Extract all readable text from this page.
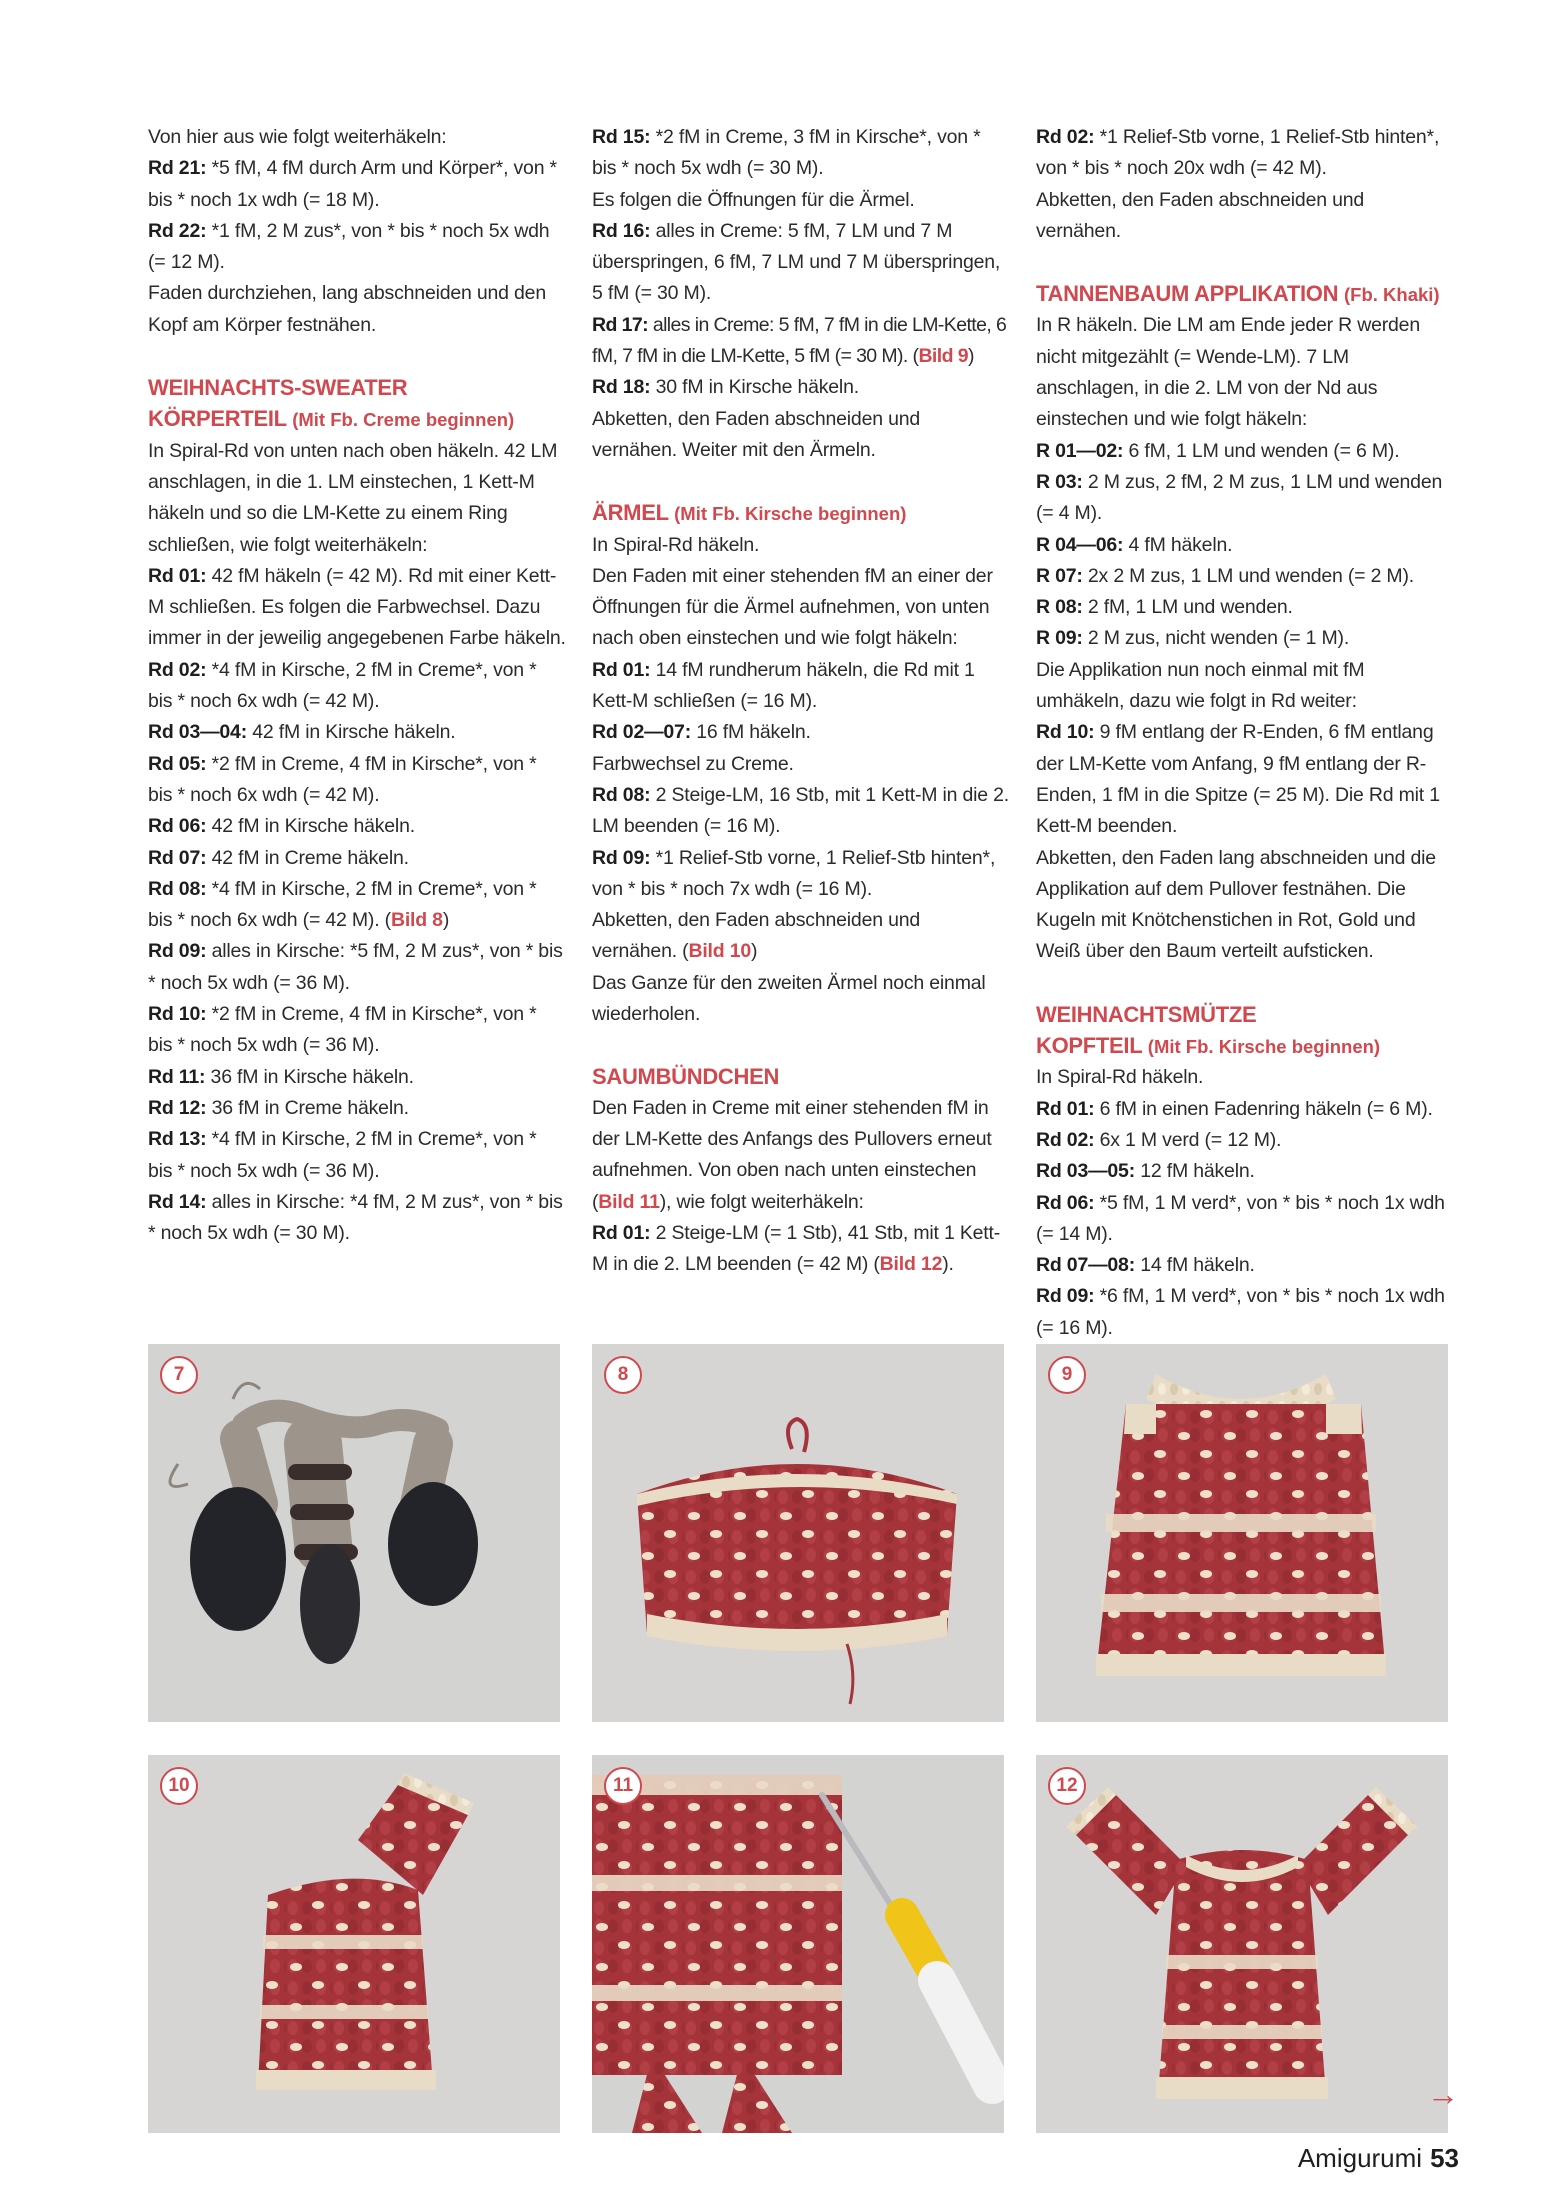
Von hier aus wie folgt weiterhäkeln:

Rd 21: *5 fM, 4 fM durch Arm und Körper*, von * bis * noch 1x wdh (= 18 M).

Rd 22: *1 fM, 2 M zus*, von * bis * noch 5x wdh (= 12 M).

Faden durchziehen, lang abschneiden und den Kopf am Körper festnähen.

WEIHNACHTS-SWEATER

KÖRPERTEIL (Mit Fb. Creme beginnen)

In Spiral-Rd von unten nach oben häkeln. 42 LM anschlagen, in die 1. LM einstechen, 1 Kett-M häkeln und so die LM-Kette zu einem Ring schließen, wie folgt weiterhäkeln:

Rd 01: 42 fM häkeln (= 42 M). Rd mit einer Kett-M schließen. Es folgen die Farbwechsel. Dazu immer in der jeweilig angegebenen Farbe häkeln.

Rd 02: *4 fM in Kirsche, 2 fM in Creme*, von * bis * noch 6x wdh (= 42 M).

Rd 03—04: 42 fM in Kirsche häkeln.

Rd 05: *2 fM in Creme, 4 fM in Kirsche*, von * bis * noch 6x wdh (= 42 M).

Rd 06: 42 fM in Kirsche häkeln.

Rd 07: 42 fM in Creme häkeln.

Rd 08: *4 fM in Kirsche, 2 fM in Creme*, von * bis * noch 6x wdh (= 42 M). (Bild 8)

Rd 09: alles in Kirsche: *5 fM, 2 M zus*, von * bis * noch 5x wdh (= 36 M).

Rd 10: *2 fM in Creme, 4 fM in Kirsche*, von * bis * noch 5x wdh (= 36 M).

Rd 11: 36 fM in Kirsche häkeln.

Rd 12: 36 fM in Creme häkeln.

Rd 13: *4 fM in Kirsche, 2 fM in Creme*, von * bis * noch 5x wdh (= 36 M).

Rd 14: alles in Kirsche: *4 fM, 2 M zus*, von * bis * noch 5x wdh (= 30 M).

Rd 15: *2 fM in Creme, 3 fM in Kirsche*, von * bis * noch 5x wdh (= 30 M).

Es folgen die Öffnungen für die Ärmel.

Rd 16: alles in Creme: 5 fM, 7 LM und 7 M überspringen, 6 fM, 7 LM und 7 M überspringen, 5 fM (= 30 M).

Rd 17: alles in Creme: 5 fM, 7 fM in die LM-Kette, 6 fM, 7 fM in die LM-Kette, 5 fM (= 30 M). (Bild 9)

Rd 18: 30 fM in Kirsche häkeln.

Abketten, den Faden abschneiden und vernähen. Weiter mit den Ärmeln.

ÄRMEL (Mit Fb. Kirsche beginnen)

In Spiral-Rd häkeln.

Den Faden mit einer stehenden fM an einer der Öffnungen für die Ärmel aufnehmen, von unten nach oben einstechen und wie folgt häkeln:

Rd 01: 14 fM rundherum häkeln, die Rd mit 1 Kett-M schließen (= 16 M).

Rd 02—07: 16 fM häkeln.

Farbwechsel zu Creme.

Rd 08: 2 Steige-LM, 16 Stb, mit 1 Kett-M in die 2. LM beenden (= 16 M).

Rd 09: *1 Relief-Stb vorne, 1 Relief-Stb hinten*, von * bis * noch 7x wdh (= 16 M).

Abketten, den Faden abschneiden und vernähen. (Bild 10)

Das Ganze für den zweiten Ärmel noch einmal wiederholen.

SAUMBÜNDCHEN

Den Faden in Creme mit einer stehenden fM in der LM-Kette des Anfangs des Pullovers erneut aufnehmen. Von oben nach unten einstechen (Bild 11), wie folgt weiterhäkeln:

Rd 01: 2 Steige-LM (= 1 Stb), 41 Stb, mit 1 Kett-M in die 2. LM beenden (= 42 M) (Bild 12).

Rd 02: *1 Relief-Stb vorne, 1 Relief-Stb hinten*, von * bis * noch 20x wdh (= 42 M).

Abketten, den Faden abschneiden und vernähen.

TANNENBAUM APPLIKATION (Fb. Khaki)

In R häkeln. Die LM am Ende jeder R werden nicht mitgezählt (= Wende-LM). 7 LM anschlagen, in die 2. LM von der Nd aus einstechen und wie folgt häkeln:

R 01—02: 6 fM, 1 LM und wenden (= 6 M).

R 03: 2 M zus, 2 fM, 2 M zus, 1 LM und wenden (= 4 M).

R 04—06: 4 fM häkeln.

R 07: 2x 2 M zus, 1 LM und wenden (= 2 M).

R 08: 2 fM, 1 LM und wenden.

R 09: 2 M zus, nicht wenden (= 1 M).

Die Applikation nun noch einmal mit fM umhäkeln, dazu wie folgt in Rd weiter:

Rd 10: 9 fM entlang der R-Enden, 6 fM entlang der LM-Kette vom Anfang, 9 fM entlang der R-Enden, 1 fM in die Spitze (= 25 M). Die Rd mit 1 Kett-M beenden.

Abketten, den Faden lang abschneiden und die Applikation auf dem Pullover festnähen. Die Kugeln mit Knötchenstichen in Rot, Gold und Weiß über den Baum verteilt aufsticken.

WEIHNACHTSMÜTZE

KOPFTEIL (Mit Fb. Kirsche beginnen)

In Spiral-Rd häkeln.

Rd 01: 6 fM in einen Fadenring häkeln (= 6 M).

Rd 02: 6x 1 M verd (= 12 M).

Rd 03—05: 12 fM häkeln.

Rd 06: *5 fM, 1 M verd*, von * bis * noch 1x wdh (= 14 M).

Rd 07—08: 14 fM häkeln.

Rd 09: *6 fM, 1 M verd*, von * bis * noch 1x wdh (= 16 M).

7	8	9
10	11	12
→
Amigurumi 53
